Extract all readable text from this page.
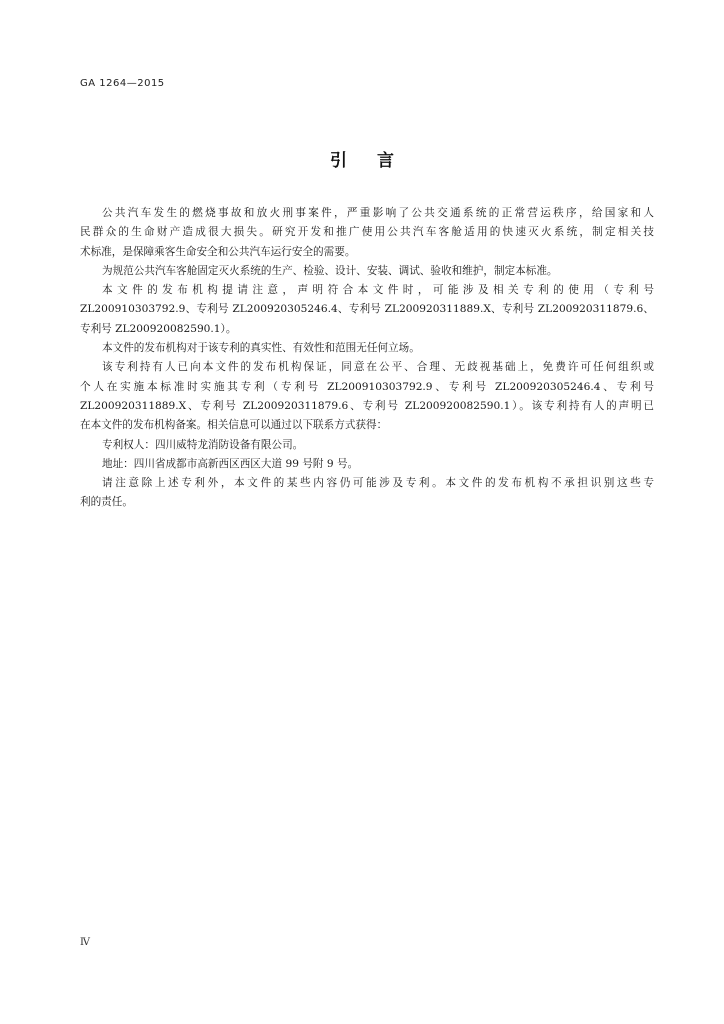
GA 1264—2015
引言
公共汽车发生的燃烧事故和放火刑事案件，严重影响了公共交通系统的正常营运秩序，给国家和人
民群众的生命财产造成很大损失。研究开发和推广使用公共汽车客舱适用的快速灭火系统，制定相关技
术标准，是保障乘客生命安全和公共汽车运行安全的需要。
为规范公共汽车客舱固定灭火系统的生产、检验、设计、安装、调试、验收和维护，制定本标准。
本文件的发布机构提请注意，声明符合本文件时，可能涉及相关专利的使用（专利号
ZL200910303792.9、专利号 ZL200920305246.4、专利号 ZL200920311889.X、专利号 ZL200920311879.6、
专利号 ZL200920082590.1）。
本文件的发布机构对于该专利的真实性、有效性和范围无任何立场。
该专利持有人已向本文件的发布机构保证，同意在公平、合理、无歧视基础上，免费许可任何组织或
个人在实施本标准时实施其专利（专利号 ZL200910303792.9、专利号 ZL200920305246.4、专利号
ZL200920311889.X、专利号 ZL200920311879.6、专利号 ZL200920082590.1）。该专利持有人的声明已
在本文件的发布机构备案。相关信息可以通过以下联系方式获得：
专利权人：四川威特龙消防设备有限公司。
地址：四川省成都市高新西区西区大道 99 号附 9 号。
请注意除上述专利外，本文件的某些内容仍可能涉及专利。本文件的发布机构不承担识别这些专
利的责任。
Ⅳ
